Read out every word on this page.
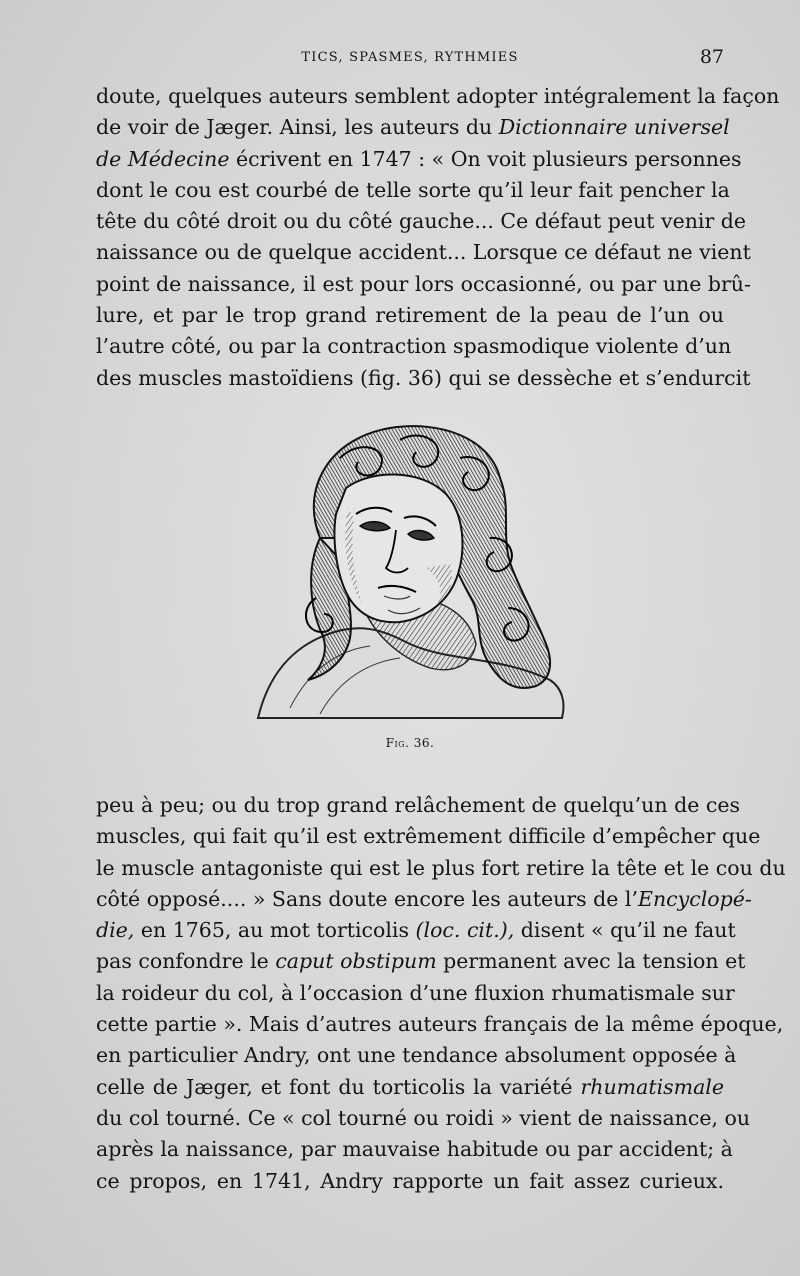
TICS, SPASMES, RYTHMIES	87
doute, quelques auteurs semblent adopter intégralement la façon
de voir de Jæger. Ainsi, les auteurs du Dictionnaire universel
de Médecine écrivent en 1747 : « On voit plusieurs personnes
dont le cou est courbé de telle sorte qu’il leur fait pencher la
tête du côté droit ou du côté gauche... Ce défaut peut venir de
naissance ou de quelque accident... Lorsque ce défaut ne vient
point de naissance, il est pour lors occasionné, ou par une brû-
lure, et par le trop grand retirement de la peau de l’un ou
l’autre côté, ou par la contraction spasmodique violente d’un
des muscles mastoïdiens (fig. 36) qui se dessèche et s’endurcit
Fig. 36.
peu à peu; ou du trop grand relâchement de quelqu’un de ces
muscles, qui fait qu’il est extrêmement difficile d’empêcher que
le muscle antagoniste qui est le plus fort retire la tête et le cou du
côté opposé.... » Sans doute encore les auteurs de l’Encyclopé-
die, en 1765, au mot torticolis (loc. cit.), disent « qu’il ne faut
pas confondre le caput obstipum permanent avec la tension et
la roideur du col, à l’occasion d’une fluxion rhumatismale sur
cette partie ». Mais d’autres auteurs français de la même époque,
en particulier Andry, ont une tendance absolument opposée à
celle de Jæger, et font du torticolis la variété rhumatismale
du col tourné. Ce « col tourné ou roidi » vient de naissance, ou
après la naissance, par mauvaise habitude ou par accident; à
ce propos, en 1741, Andry rapporte un fait assez curieux.
